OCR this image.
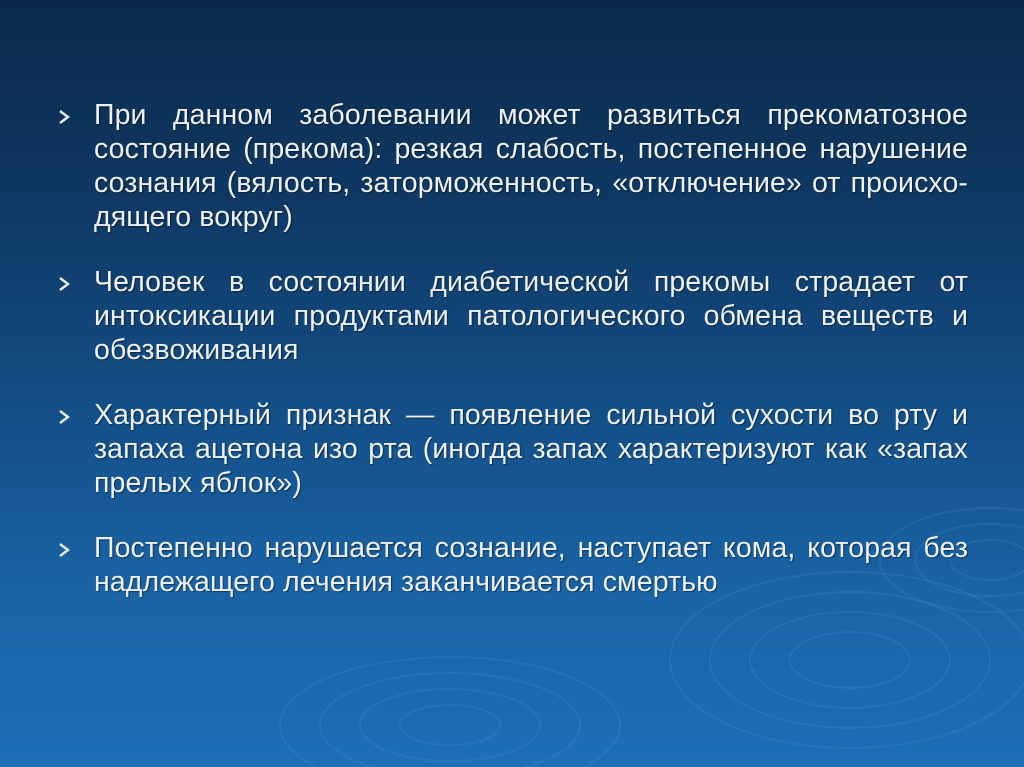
При данном заболевании может развиться прекоматозное состояние (прекома): резкая слабость, постепенное нарушение сознания (вялость, заторможенность, «отключение» от происхо-дящего вокруг)
Человек в состоянии диабетической прекомы страдает от интоксикации продуктами патологического обмена веществ и обезвоживания
Характерный признак — появление сильной сухости во рту и запаха ацетона изо рта (иногда запах характеризуют как «запах прелых яблок»)
Постепенно нарушается сознание, наступает кома, которая без надлежащего лечения заканчивается смертью
